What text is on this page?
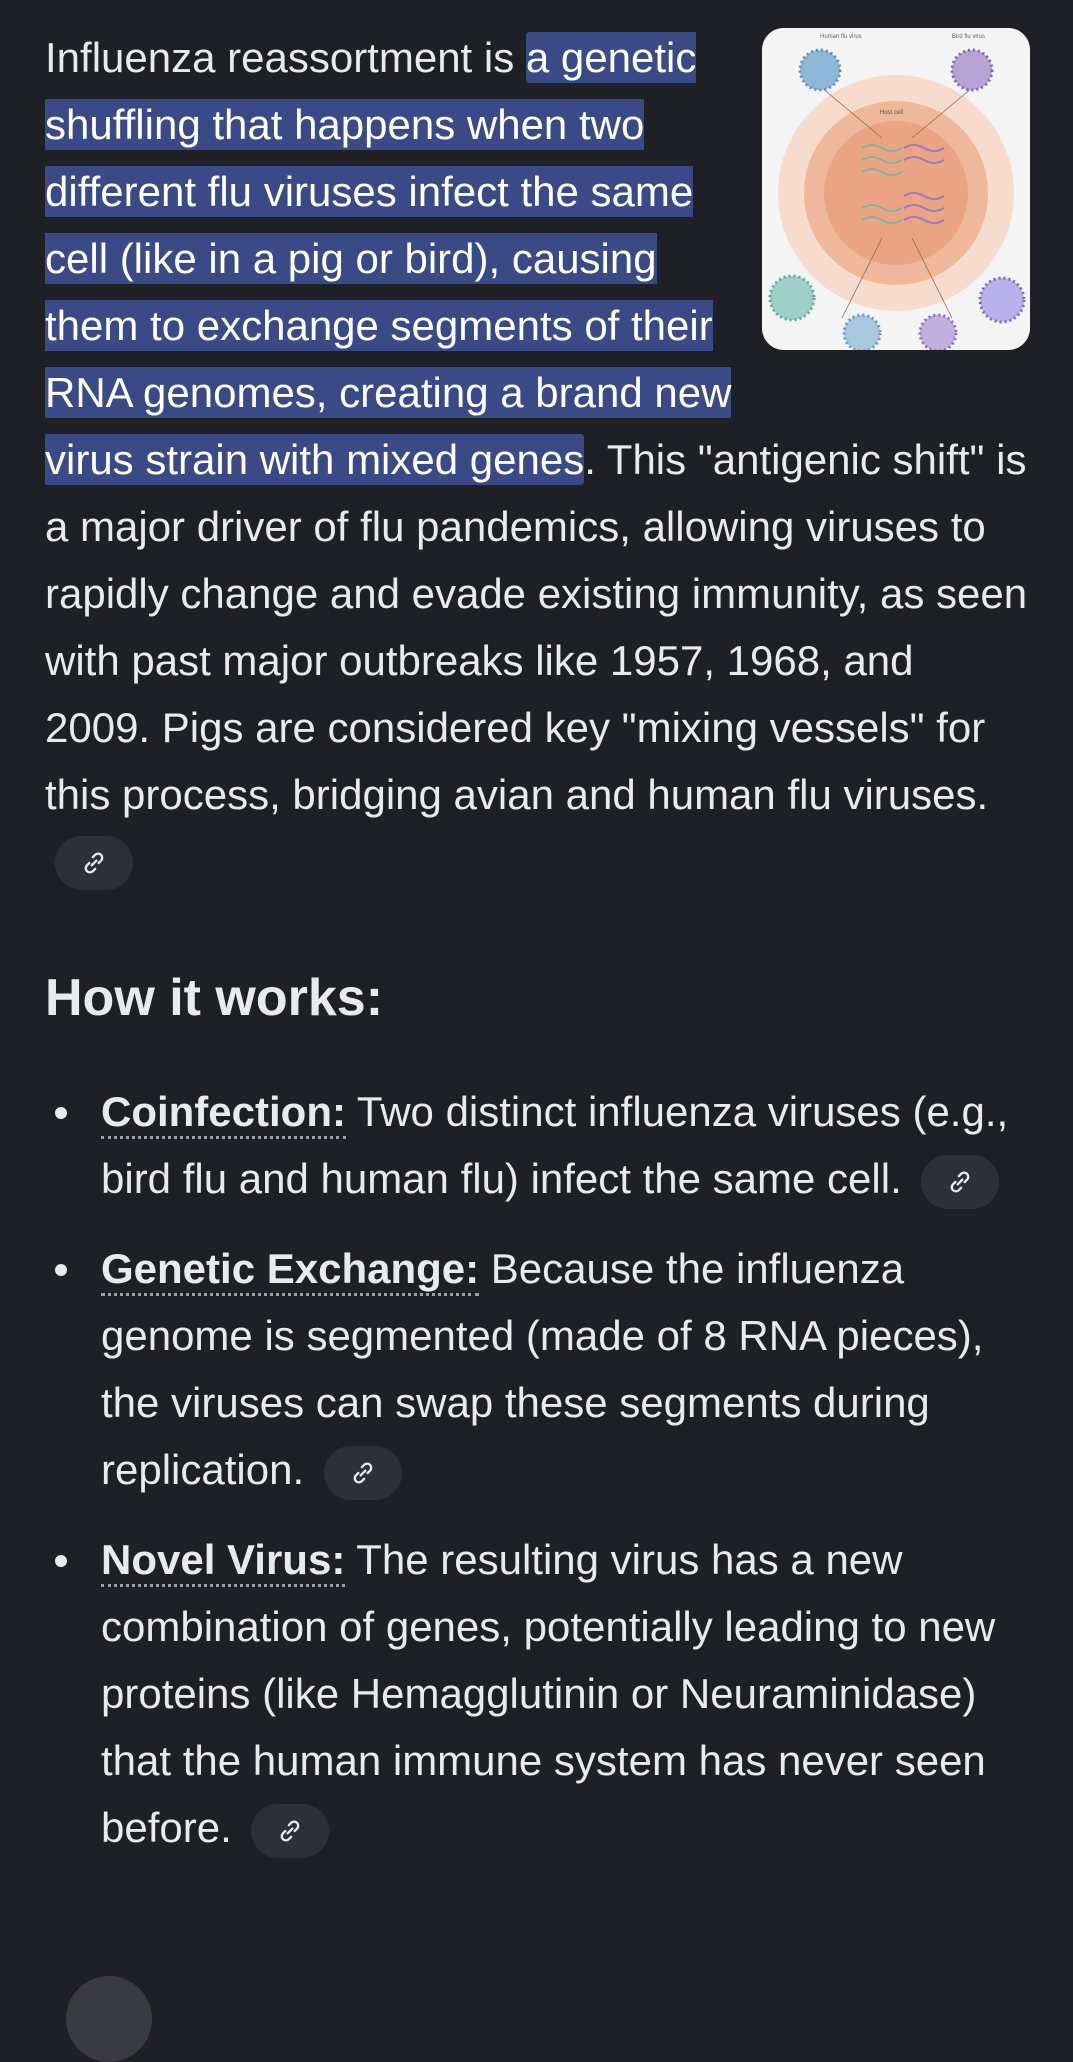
Human flu virus	Bird flu virus
Host cell
Influenza reassortment is a genetic shuffling that happens when two different flu viruses infect the same cell (like in a pig or bird), causing them to exchange segments of their RNA genomes, creating a brand new virus strain with mixed genes. This "antigenic shift" is a major driver of flu pandemics, allowing viruses to rapidly change and evade existing immunity, as seen with past major outbreaks like 1957, 1968, and 2009. Pigs are considered key "mixing vessels" for this process, bridging avian and human flu viruses.

How it works:
Coinfection: Two distinct influenza viruses (e.g., bird flu and human flu) infect the same cell.
Genetic Exchange: Because the influenza genome is segmented (made of 8 RNA pieces), the viruses can swap these segments during replication.
Novel Virus: The resulting virus has a new combination of genes, potentially leading to new proteins (like Hemagglutinin or Neuraminidase) that the human immune system has never seen before.
